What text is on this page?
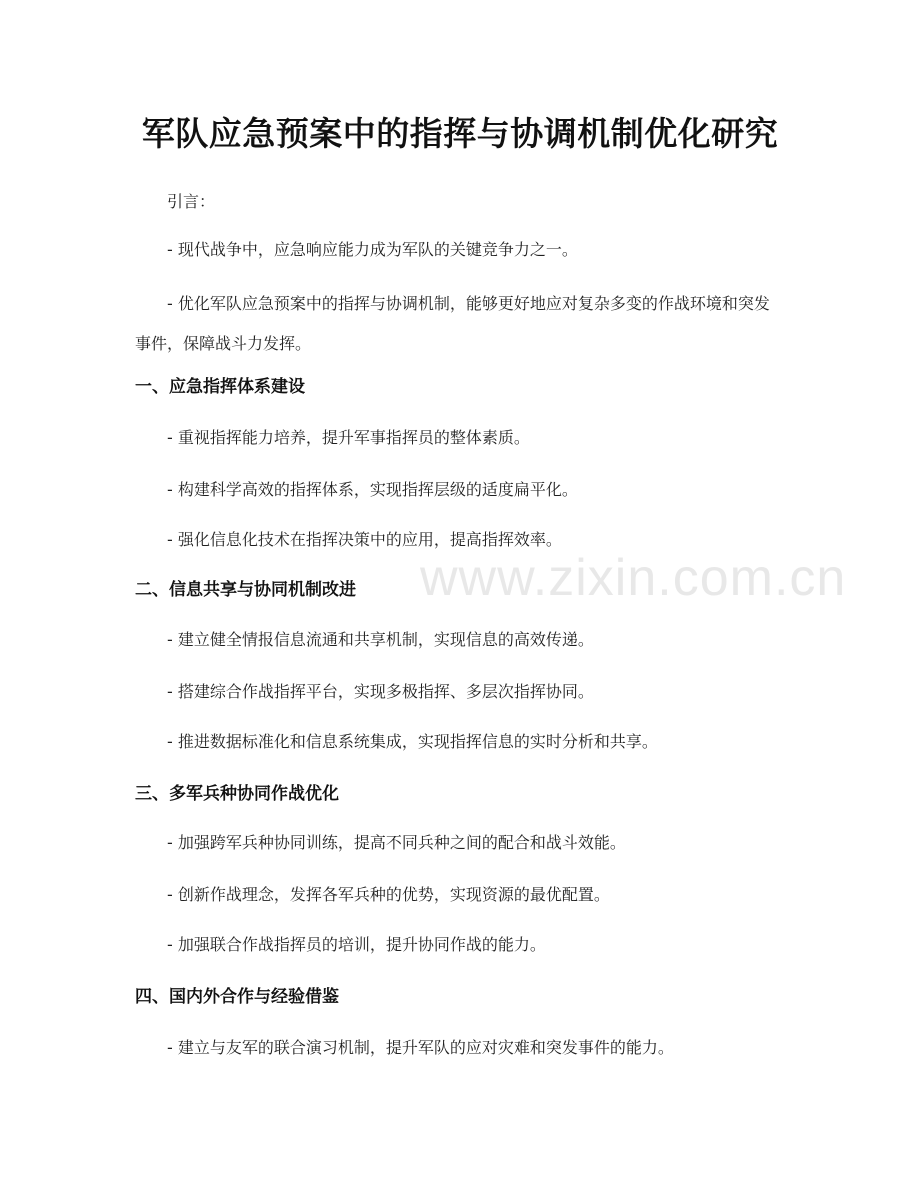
军队应急预案中的指挥与协调机制优化研究
引言：
- 现代战争中，应急响应能力成为军队的关键竞争力之一。
- 优化军队应急预案中的指挥与协调机制，能够更好地应对复杂多变的作战环境和突发事件，保障战斗力发挥。
一、应急指挥体系建设
- 重视指挥能力培养，提升军事指挥员的整体素质。
- 构建科学高效的指挥体系，实现指挥层级的适度扁平化。
- 强化信息化技术在指挥决策中的应用，提高指挥效率。
二、信息共享与协同机制改进
- 建立健全情报信息流通和共享机制，实现信息的高效传递。
- 搭建综合作战指挥平台，实现多极指挥、多层次指挥协同。
- 推进数据标准化和信息系统集成，实现指挥信息的实时分析和共享。
三、多军兵种协同作战优化
- 加强跨军兵种协同训练，提高不同兵种之间的配合和战斗效能。
- 创新作战理念，发挥各军兵种的优势，实现资源的最优配置。
- 加强联合作战指挥员的培训，提升协同作战的能力。
四、国内外合作与经验借鉴
- 建立与友军的联合演习机制，提升军队的应对灾难和突发事件的能力。
www.zixin.com.cn
